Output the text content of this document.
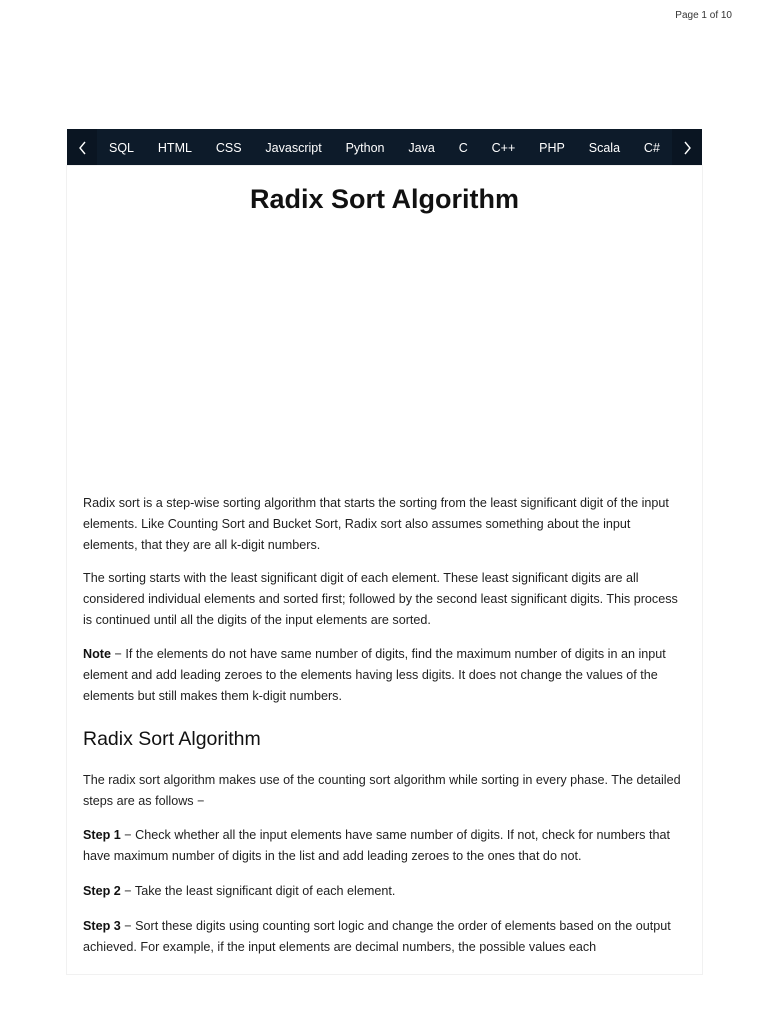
Page 1 of 10
SQL HTML CSS Javascript Python Java C C++ PHP Scala C#
Radix Sort Algorithm

Radix sort is a step-wise sorting algorithm that starts the sorting from the least significant digit of the input elements. Like Counting Sort and Bucket Sort, Radix sort also assumes something about the input elements, that they are all k-digit numbers.

The sorting starts with the least significant digit of each element. These least significant digits are all considered individual elements and sorted first; followed by the second least significant digits. This process is continued until all the digits of the input elements are sorted.

Note − If the elements do not have same number of digits, find the maximum number of digits in an input element and add leading zeroes to the elements having less digits. It does not change the values of the elements but still makes them k-digit numbers.

Radix Sort Algorithm

The radix sort algorithm makes use of the counting sort algorithm while sorting in every phase. The detailed steps are as follows −

Step 1 − Check whether all the input elements have same number of digits. If not, check for numbers that have maximum number of digits in the list and add leading zeroes to the ones that do not.

Step 2 − Take the least significant digit of each element.

Step 3 − Sort these digits using counting sort logic and change the order of elements based on the output achieved. For example, if the input elements are decimal numbers, the possible values each
